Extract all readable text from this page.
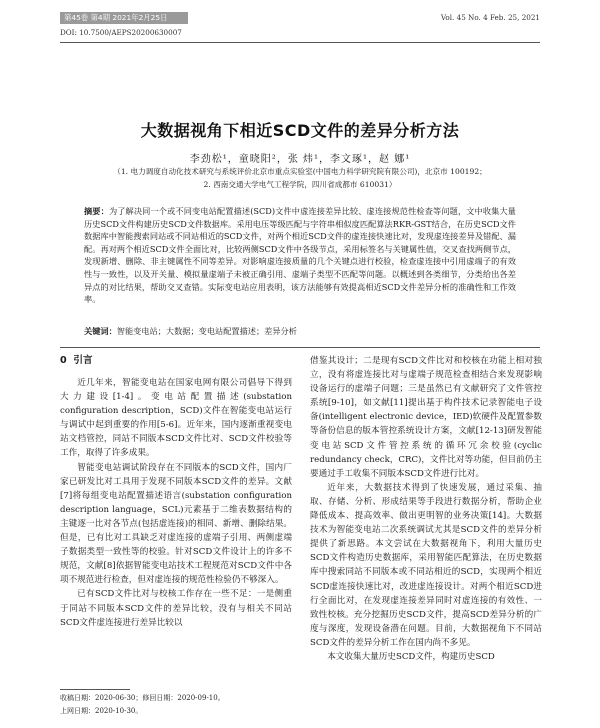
第45卷 第4期 2021年2月25日	Vol. 45 No. 4 Feb. 25, 2021
DOI: 10.7500/AEPS20200630007
大数据视角下相近SCD文件的差异分析方法
李劲松¹，童晓阳²，张 炜¹，李文琢¹，赵 娜¹
（1. 电力调度自动化技术研究与系统评价北京市重点实验室(中国电力科学研究院有限公司)，北京市 100192；
2. 西南交通大学电气工程学院，四川省成都市 610031）
摘要：为了解决同一个或不同变电站配置描述(SCD)文件中虚连接差异比较、虚连接规范性检查等问题，文中收集大量历史SCD文件构建历史SCD文件数据库。采用电压等级匹配与字符串相似度匹配算法RKR-GST结合，在历史SCD文件数据库中智能搜索同站或不同站相近的SCD文件，对两个相近SCD文件的虚连接快速比对，发现虚连接差异及错配、漏配。再对两个相近SCD文件全面比对，比较两侧SCD文件中各级节点，采用标签名与关键属性值，交叉查找两侧节点，发现新增、删除、非主键属性不同等差异。对影响虚连接质量的几个关键点进行校验，检查虚连接中引用虚端子的有效性与一致性，以及开关量、模拟量虚端子未被正确引用、虚端子类型不匹配等问题。以概述到各类细节，分类给出各差异点的对比结果，帮助交叉查错。实际变电站应用表明，该方法能够有效提高相近SCD文件差异分析的准确性和工作效率。
关键词：智能变电站；大数据；变电站配置描述；差异分析
0 引言

近几年来，智能变电站在国家电网有限公司倡导下得到大力建设[1-4]。变电站配置描述(substation configuration description，SCD)文件在智能变电站运行与调试中起到重要的作用[5-6]。近年来，国内逐渐重视变电站文档管控，同站不同版本SCD文件比对、SCD文件校验等工作，取得了许多成果。

智能变电站调试阶段存在不同版本的SCD文件，国内厂家已研发比对工具用于发现不同版本SCD文件的差异。文献[7]将每组变电站配置描述语言(substation configuration description language，SCL)元素基于二维表数据结构的主键逐一比对各节点(包括虚连接)的相同、新增、删除结果。但是，已有比对工具缺乏对虚连接的虚端子引用、两侧虚端子数据类型一致性等的校验。针对SCD文件设计上的许多不规范，文献[8]依据智能变电站技术工程规范对SCD文件中各项不规范进行检查，但对虚连接的规范性检验仍不够深入。

已有SCD文件比对与校核工作存在一些不足：一是侧重于同站不同版本SCD文件的差异比较，没有与相关不同站SCD文件虚连接进行差异比较以

借鉴其设计；二是现有SCD文件比对和校核在功能上相对独立，没有将虚连接比对与虚端子规范检查相结合来发现影响设备运行的虚端子问题；三是虽然已有文献研究了文件管控系统[9-10]，如文献[11]提出基于构件技术记录智能电子设备(intelligent electronic device，IED)软硬件及配置参数等备份信息的版本管控系统设计方案，文献[12-13]研发智能变电站SCD文件管控系统的循环冗余校验(cyclic redundancy check，CRC)，文件比对等功能，但目前仍主要通过手工收集不同版本SCD文件进行比对。

近年来，大数据技术得到了快速发展，通过采集、抽取、存储、分析、形成结果等手段进行数据分析，帮助企业降低成本、提高效率、做出更明智的业务决策[14]。大数据技术为智能变电站二次系统调试尤其是SCD文件的差异分析提供了新思路。本文尝试在大数据视角下，利用大量历史SCD文件构造历史数据库，采用智能匹配算法，在历史数据库中搜索同站不同版本或不同站相近的SCD，实现两个相近SCD虚连接快速比对，改进虚连接设计。对两个相近SCD进行全面比对，在发现虚连接差异同时对虚连接的有效性、一致性校核。充分挖掘历史SCD文件，提高SCD差异分析的广度与深度，发现设备潜在问题。目前，大数据视角下不同站SCD文件的差异分析工作在国内尚不多见。

本文收集大量历史SCD文件，构建历史SCD

收稿日期：2020-06-30；修回日期：2020-09-10。
上网日期：2020-10-30。
